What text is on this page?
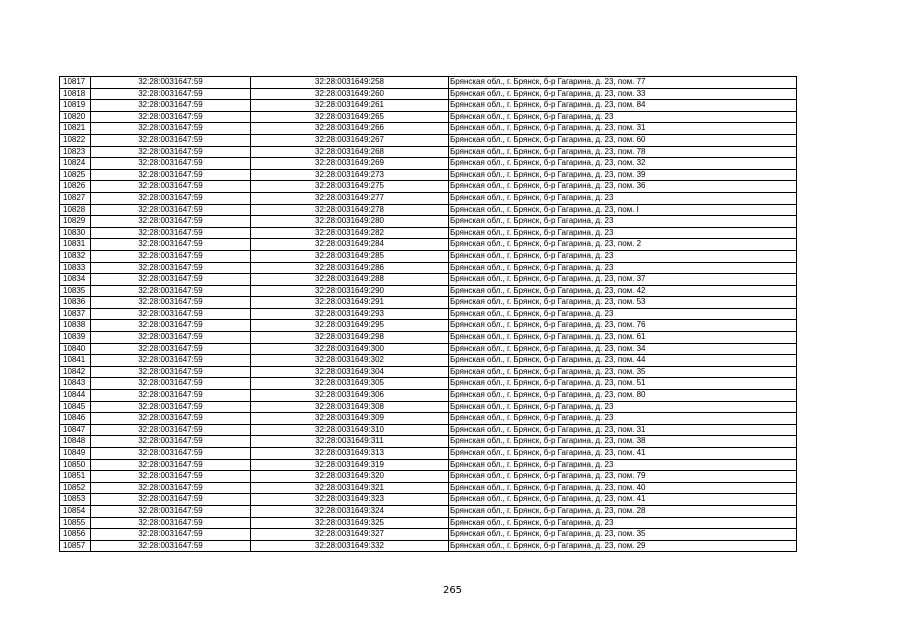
10817	32:28:0031647:59	32:28:0031649:258	Брянская обл., г. Брянск, б-р Гагарина, д. 23, пом. 77
10818	32:28:0031647:59	32:28:0031649:260	Брянская обл., г. Брянск, б-р Гагарина, д. 23, пом. 33
10819	32:28:0031647:59	32:28:0031649:261	Брянская обл., г. Брянск, б-р Гагарина, д. 23, пом. 84
10820	32:28:0031647:59	32:28:0031649:265	Брянская обл., г. Брянск, б-р Гагарина, д. 23
10821	32:28:0031647:59	32:28:0031649:266	Брянская обл., г. Брянск, б-р Гагарина, д. 23, пом. 31
10822	32:28:0031647:59	32:28:0031649:267	Брянская обл., г. Брянск, б-р Гагарина, д. 23, пом. 60
10823	32:28:0031647:59	32:28:0031649:268	Брянская обл., г. Брянск, б-р Гагарина, д. 23, пом. 78
10824	32:28:0031647:59	32:28:0031649:269	Брянская обл., г. Брянск, б-р Гагарина, д. 23, пом. 32
10825	32:28:0031647:59	32:28:0031649:273	Брянская обл., г. Брянск, б-р Гагарина, д. 23, пом. 39
10826	32:28:0031647:59	32:28:0031649:275	Брянская обл., г. Брянск, б-р Гагарина, д. 23, пом. 36
10827	32:28:0031647:59	32:28:0031649:277	Брянская обл., г. Брянск, б-р Гагарина, д. 23
10828	32:28:0031647:59	32:28:0031649:278	Брянская обл., г. Брянск, б-р Гагарина, д. 23, пом. I
10829	32:28:0031647:59	32:28:0031649:280	Брянская обл., г. Брянск, б-р Гагарина, д. 23
10830	32:28:0031647:59	32:28:0031649:282	Брянская обл., г. Брянск, б-р Гагарина, д. 23
10831	32:28:0031647:59	32:28:0031649:284	Брянская обл., г. Брянск, б-р Гагарина, д. 23, пом. 2
10832	32:28:0031647:59	32:28:0031649:285	Брянская обл., г. Брянск, б-р Гагарина, д. 23
10833	32:28:0031647:59	32:28:0031649:286	Брянская обл., г. Брянск, б-р Гагарина, д. 23
10834	32:28:0031647:59	32:28:0031649:288	Брянская обл., г. Брянск, б-р Гагарина, д. 23, пом. 37
10835	32:28:0031647:59	32:28:0031649:290	Брянская обл., г. Брянск, б-р Гагарина, д. 23, пом. 42
10836	32:28:0031647:59	32:28:0031649:291	Брянская обл., г. Брянск, б-р Гагарина, д. 23, пом. 53
10837	32:28:0031647:59	32:28:0031649:293	Брянская обл., г. Брянск, б-р Гагарина, д. 23
10838	32:28:0031647:59	32:28:0031649:295	Брянская обл., г. Брянск, б-р Гагарина, д. 23, пом. 76
10839	32:28:0031647:59	32:28:0031649:298	Брянская обл., г. Брянск, б-р Гагарина, д. 23, пом. 61
10840	32:28:0031647:59	32:28:0031649:300	Брянская обл., г. Брянск, б-р Гагарина, д. 23, пом. 34
10841	32:28:0031647:59	32:28:0031649:302	Брянская обл., г. Брянск, б-р Гагарина, д. 23, пом. 44
10842	32:28:0031647:59	32:28:0031649:304	Брянская обл., г. Брянск, б-р Гагарина, д. 23, пом. 35
10843	32:28:0031647:59	32:28:0031649:305	Брянская обл., г. Брянск, б-р Гагарина, д. 23, пом. 51
10844	32:28:0031647:59	32:28:0031649:306	Брянская обл., г. Брянск, б-р Гагарина, д. 23, пом. 80
10845	32:28:0031647:59	32:28:0031649:308	Брянская обл., г. Брянск, б-р Гагарина, д. 23
10846	32:28:0031647:59	32:28:0031649:309	Брянская обл., г. Брянск, б-р Гагарина, д. 23
10847	32:28:0031647:59	32:28:0031649:310	Брянская обл., г. Брянск, б-р Гагарина, д. 23, пом. 31
10848	32:28:0031647:59	32:28:0031649:311	Брянская обл., г. Брянск, б-р Гагарина, д. 23, пом. 38
10849	32:28:0031647:59	32:28:0031649:313	Брянская обл., г. Брянск, б-р Гагарина, д. 23, пом. 41
10850	32:28:0031647:59	32:28:0031649:319	Брянская обл., г. Брянск, б-р Гагарина, д. 23
10851	32:28:0031647:59	32:28:0031649:320	Брянская обл., г. Брянск, б-р Гагарина, д. 23, пом. 79
10852	32:28:0031647:59	32:28:0031649:321	Брянская обл., г. Брянск, б-р Гагарина, д. 23, пом. 40
10853	32:28:0031647:59	32:28:0031649:323	Брянская обл., г. Брянск, б-р Гагарина, д. 23, пом. 41
10854	32:28:0031647:59	32:28:0031649:324	Брянская обл., г. Брянск, б-р Гагарина, д. 23, пом. 28
10855	32:28:0031647:59	32:28:0031649:325	Брянская обл., г. Брянск, б-р Гагарина, д. 23
10856	32:28:0031647:59	32:28:0031649:327	Брянская обл., г. Брянск, б-р Гагарина, д. 23, пом. 35
10857	32:28:0031647:59	32:28:0031649:332	Брянская обл., г. Брянск, б-р Гагарина, д. 23, пом. 29
265
